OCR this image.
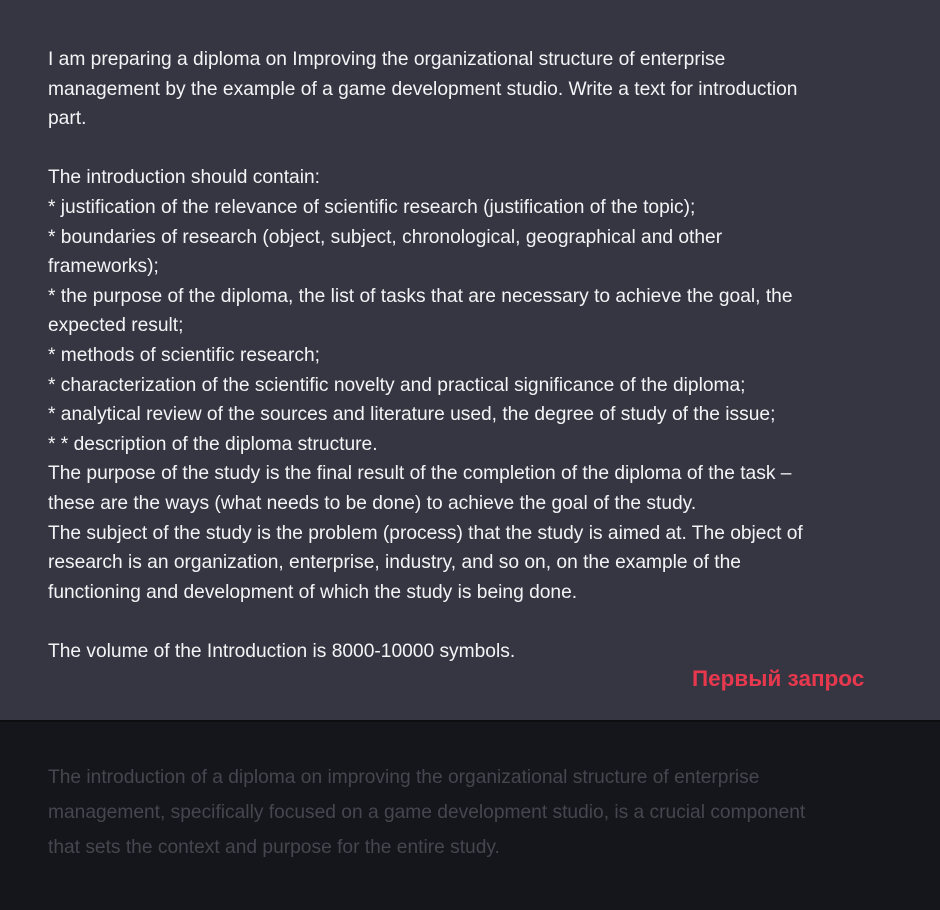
I am preparing a diploma on Improving the organizational structure of enterprise
management by the example of a game development studio. Write a text for introduction
part.
The introduction should contain:
* justification of the relevance of scientific research (justification of the topic);
* boundaries of research (object, subject, chronological, geographical and other
frameworks);
* the purpose of the diploma, the list of tasks that are necessary to achieve the goal, the
expected result;
* methods of scientific research;
* characterization of the scientific novelty and practical significance of the diploma;
* analytical review of the sources and literature used, the degree of study of the issue;
* * description of the diploma structure.
The purpose of the study is the final result of the completion of the diploma of the task –
these are the ways (what needs to be done) to achieve the goal of the study.
The subject of the study is the problem (process) that the study is aimed at. The object of
research is an organization, enterprise, industry, and so on, on the example of the
functioning and development of which the study is being done.
The volume of the Introduction is 8000-10000 symbols.
Первый запрос
The introduction of a diploma on improving the organizational structure of enterprise
management, specifically focused on a game development studio, is a crucial component
that sets the context and purpose for the entire study.
